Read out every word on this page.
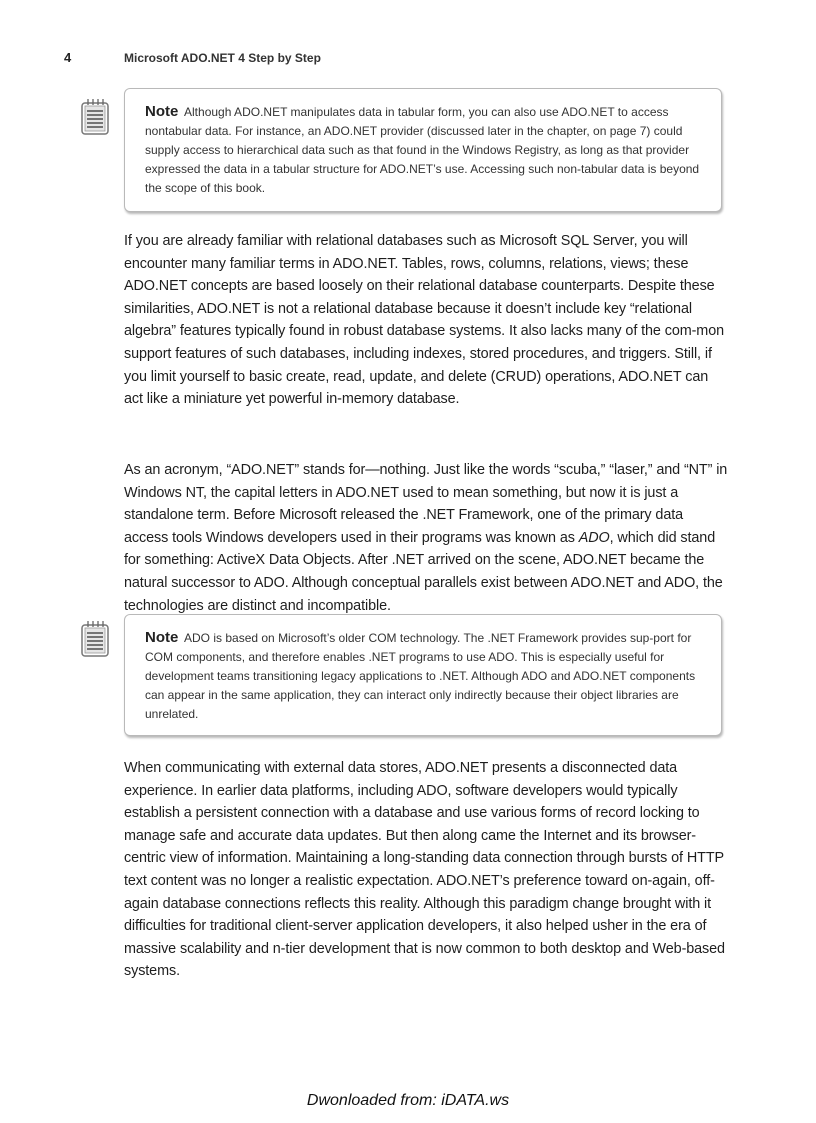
4	Microsoft ADO.NET 4 Step by Step
Note Although ADO.NET manipulates data in tabular form, you can also use ADO.NET to access nontabular data. For instance, an ADO.NET provider (discussed later in the chapter, on page 7) could supply access to hierarchical data such as that found in the Windows Registry, as long as that provider expressed the data in a tabular structure for ADO.NET’s use. Accessing such non-tabular data is beyond the scope of this book.

If you are already familiar with relational databases such as Microsoft SQL Server, you will encounter many familiar terms in ADO.NET. Tables, rows, columns, relations, views; these ADO.NET concepts are based loosely on their relational database counterparts. Despite these similarities, ADO.NET is not a relational database because it doesn’t include key “relational algebra” features typically found in robust database systems. It also lacks many of the com-mon support features of such databases, including indexes, stored procedures, and triggers. Still, if you limit yourself to basic create, read, update, and delete (CRUD) operations, ADO.NET can act like a miniature yet powerful in-memory database.

As an acronym, “ADO.NET” stands for—nothing. Just like the words “scuba,” “laser,” and “NT” in Windows NT, the capital letters in ADO.NET used to mean something, but now it is just a standalone term. Before Microsoft released the .NET Framework, one of the primary data access tools Windows developers used in their programs was known as ADO, which did stand for something: ActiveX Data Objects. After .NET arrived on the scene, ADO.NET became the natural successor to ADO. Although conceptual parallels exist between ADO.NET and ADO, the technologies are distinct and incompatible.

Note ADO is based on Microsoft’s older COM technology. The .NET Framework provides sup-port for COM components, and therefore enables .NET programs to use ADO. This is especially useful for development teams transitioning legacy applications to .NET. Although ADO and ADO.NET components can appear in the same application, they can interact only indirectly because their object libraries are unrelated.

When communicating with external data stores, ADO.NET presents a disconnected data experience. In earlier data platforms, including ADO, software developers would typically establish a persistent connection with a database and use various forms of record locking to manage safe and accurate data updates. But then along came the Internet and its browser-centric view of information. Maintaining a long-standing data connection through bursts of HTTP text content was no longer a realistic expectation. ADO.NET’s preference toward on-again, off-again database connections reflects this reality. Although this paradigm change brought with it difficulties for traditional client-server application developers, it also helped usher in the era of massive scalability and n-tier development that is now common to both desktop and Web-based systems.

Dwonloaded from: iDATA.ws
